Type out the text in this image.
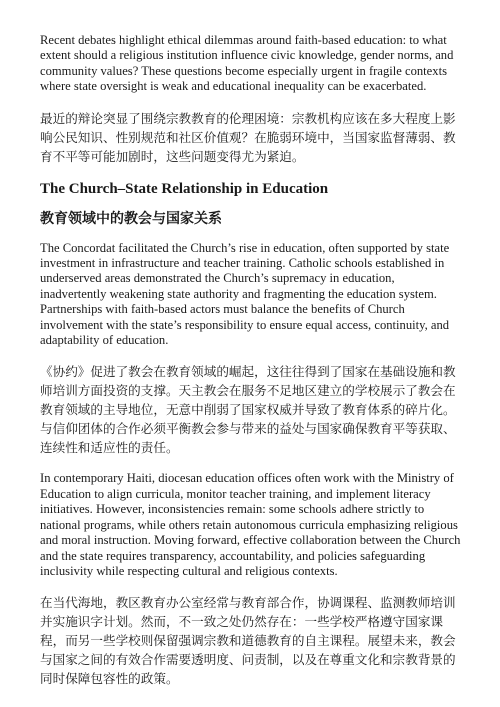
Recent debates highlight ethical dilemmas around faith-based education: to what extent should a religious institution influence civic knowledge, gender norms, and community values? These questions become especially urgent in fragile contexts where state oversight is weak and educational inequality can be exacerbated.

最近的辩论突显了围绕宗教教育的伦理困境：宗教机构应该在多大程度上影响公民知识、性别规范和社区价值观？在脆弱环境中，当国家监督薄弱、教育不平等可能加剧时，这些问题变得尤为紧迫。

The Church–State Relationship in Education
教育领域中的教会与国家关系

The Concordat facilitated the Church’s rise in education, often supported by state investment in infrastructure and teacher training. Catholic schools established in underserved areas demonstrated the Church’s supremacy in education, inadvertently weakening state authority and fragmenting the education system. Partnerships with faith-based actors must balance the benefits of Church involvement with the state’s responsibility to ensure equal access, continuity, and adaptability of education.

《协约》促进了教会在教育领域的崛起，这往往得到了国家在基础设施和教师培训方面投资的支撑。天主教会在服务不足地区建立的学校展示了教会在教育领域的主导地位，无意中削弱了国家权威并导致了教育体系的碎片化。与信仰团体的合作必须平衡教会参与带来的益处与国家确保教育平等获取、连续性和适应性的责任。

In contemporary Haiti, diocesan education offices often work with the Ministry of Education to align curricula, monitor teacher training, and implement literacy initiatives. However, inconsistencies remain: some schools adhere strictly to national programs, while others retain autonomous curricula emphasizing religious and moral instruction. Moving forward, effective collaboration between the Church and the state requires transparency, accountability, and policies safeguarding inclusivity while respecting cultural and religious contexts.

在当代海地，教区教育办公室经常与教育部合作，协调课程、监测教师培训并实施识字计划。然而，不一致之处仍然存在：一些学校严格遵守国家课程，而另一些学校则保留强调宗教和道德教育的自主课程。展望未来，教会与国家之间的有效合作需要透明度、问责制，以及在尊重文化和宗教背景的同时保障包容性的政策。
